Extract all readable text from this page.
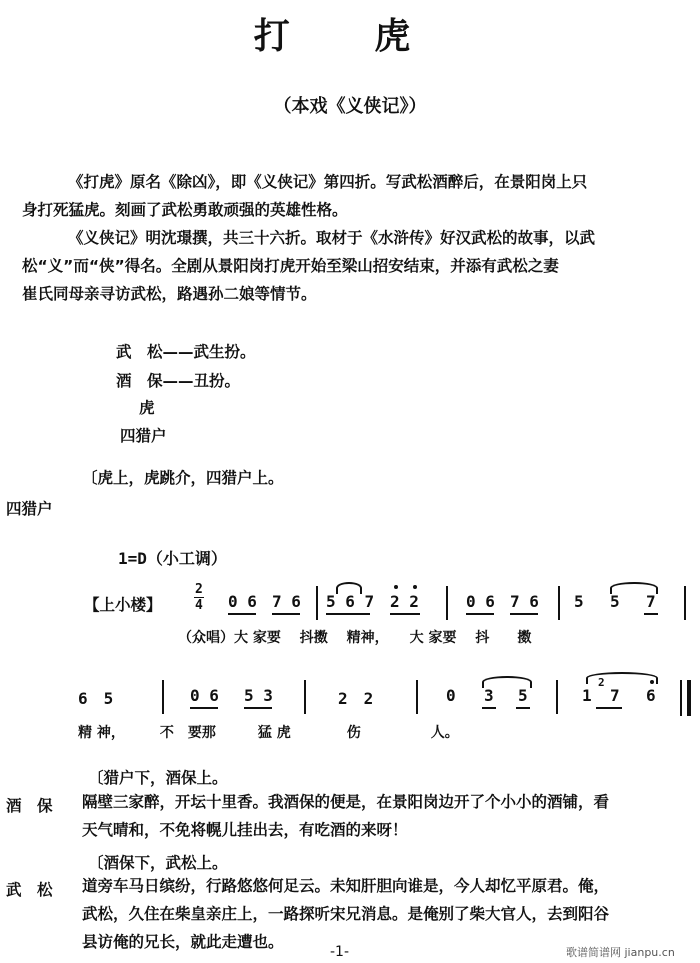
打 虎
（本戏《义侠记》）
《打虎》原名《除凶》，即《义侠记》第四折。写武松酒醉后，在景阳岗上只
身打死猛虎。刻画了武松勇敢顽强的英雄性格。
《义侠记》明沈璟撰，共三十六折。取材于《水浒传》好汉武松的故事，以武
松“义”而“侠”得名。全剧从景阳岗打虎开始至梁山招安结束，并添有武松之妻
崔氏同母亲寻访武松，路遇孙二娘等情节。
武　松——武生扮。
酒　保——丑扮。
虎
四猎户
〔虎上，虎跳介，四猎户上。
四猎户
1=D（小工调）
【上小楼】
2
4 0 6 7 6 5 6 7 2 2	0 6 7 6 5 5 7
（众唱）大 家要　 抖擞　 精神，　　大 家要　 抖　　擞
6　5	0 6 5 3	2　2	0 3 5	1
2
7 6
精 神，　　　不　要那　　　猛 虎　　　　伤　　　　　人。
〔猎户下，酒保上。
酒　保 隔壁三家醉，开坛十里香。我酒保的便是，在景阳岗边开了个小小的酒铺，看
天气晴和，不免将幌儿挂出去，有吃酒的来呀！
〔酒保下，武松上。
武　松 道旁车马日缤纷，行路悠悠何足云。未知肝胆向谁是，今人却忆平原君。俺，
武松，久住在柴皇亲庄上，一路探听宋兄消息。是俺别了柴大官人，去到阳谷
县访俺的兄长，就此走遭也。
-1-	歌谱简谱网 jianpu.cn
